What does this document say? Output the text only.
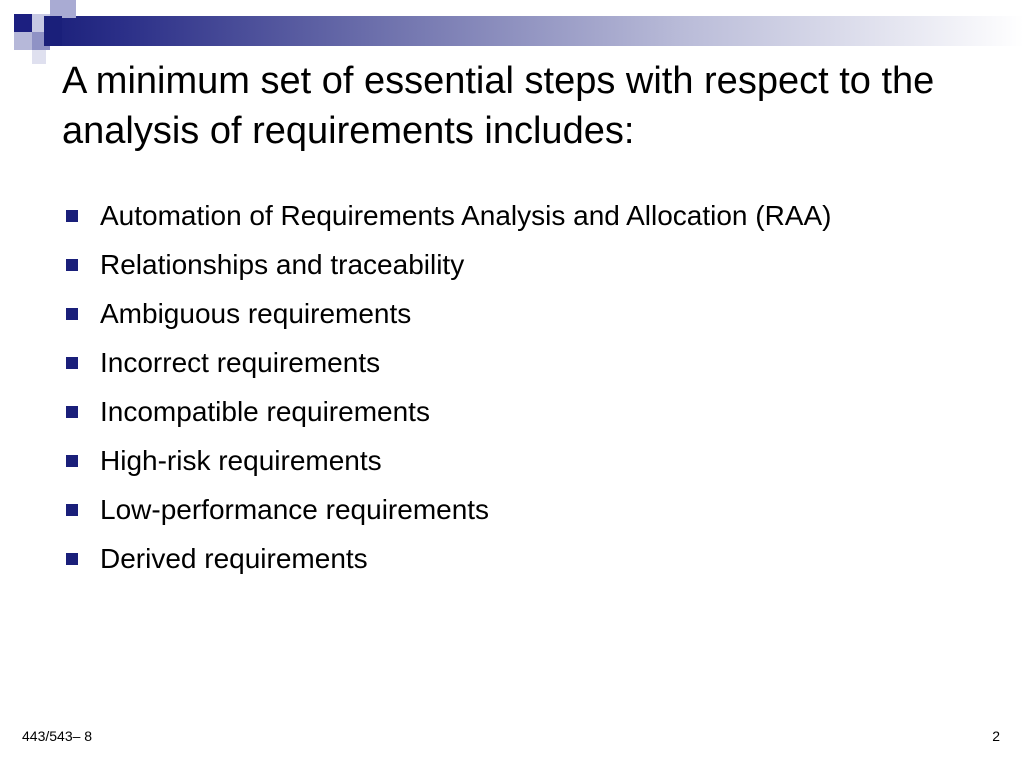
A minimum set of essential steps with respect to the analysis of requirements includes:
Automation of Requirements Analysis and Allocation (RAA)
Relationships and traceability
Ambiguous requirements
Incorrect requirements
Incompatible requirements
High-risk requirements
Low-performance requirements
Derived requirements
443/543– 8	2
